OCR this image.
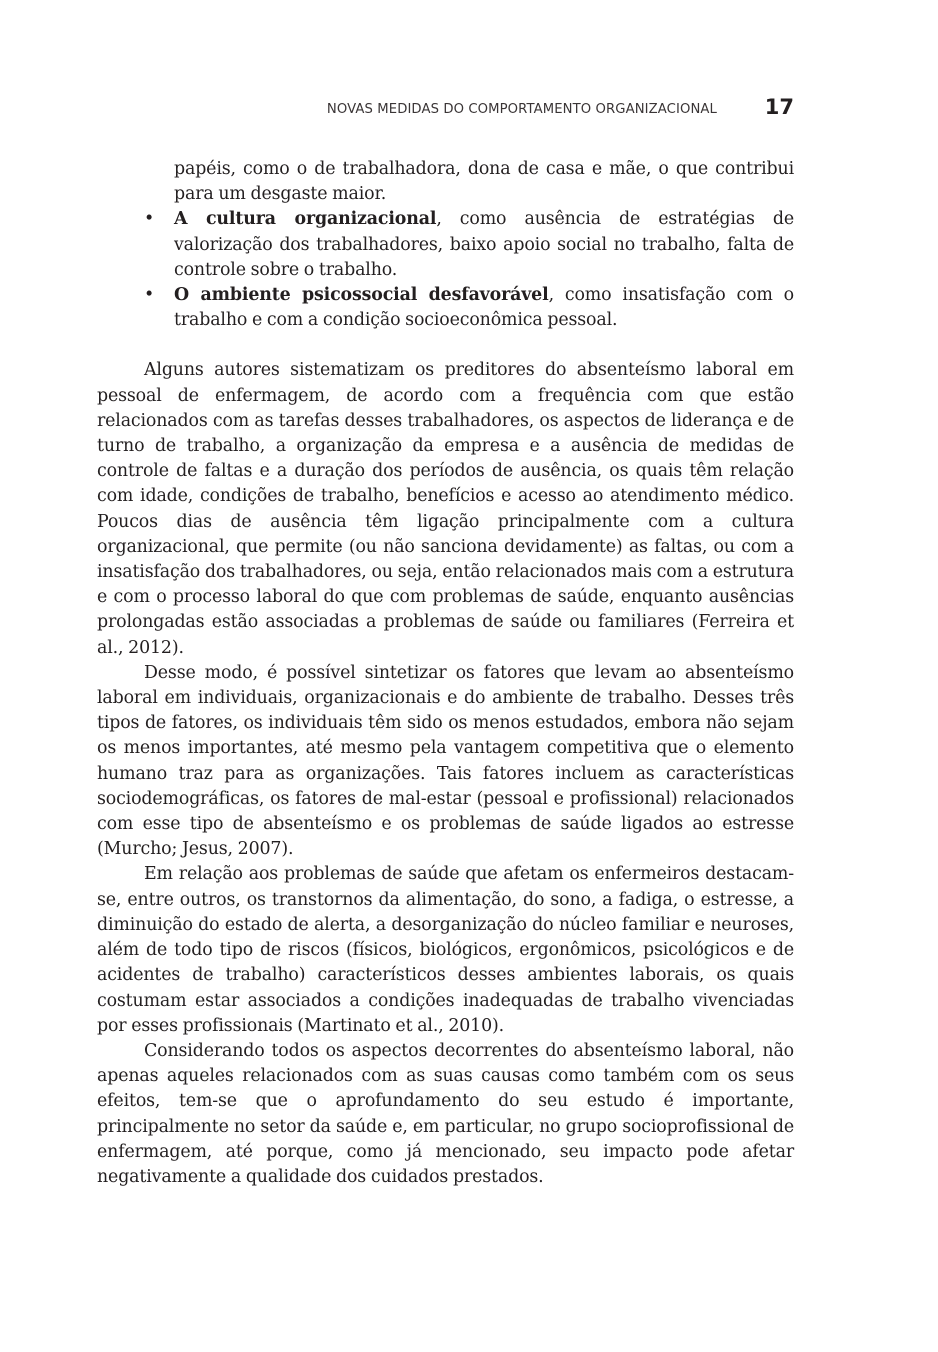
NOVAS MEDIDAS DO COMPORTAMENTO ORGANIZACIONAL 17

papéis, como o de trabalhadora, dona de casa e mãe, o que contribui para um desgaste maior.

• A cultura organizacional, como ausência de estratégias de valorização dos trabalhadores, baixo apoio social no trabalho, falta de controle sobre o trabalho.
• O ambiente psicossocial desfavorável, como insatisfação com o trabalho e com a condição socioeconômica pessoal.

Alguns autores sistematizam os preditores do absenteísmo laboral em pessoal de enfermagem, de acordo com a frequência com que estão relacionados com as tarefas desses trabalhadores, os aspectos de liderança e de turno de trabalho, a organização da empresa e a ausência de medidas de controle de faltas e a duração dos períodos de ausência, os quais têm relação com idade, condições de trabalho, benefícios e acesso ao atendimento médico. Poucos dias de ausência têm ligação principalmente com a cultura organizacional, que permite (ou não sanciona devidamente) as faltas, ou com a insatisfação dos trabalhadores, ou seja, então relacionados mais com a estrutura e com o processo laboral do que com problemas de saúde, enquanto ausências prolongadas estão associadas a problemas de saúde ou familiares (Ferreira et al., 2012).

Desse modo, é possível sintetizar os fatores que levam ao absenteísmo laboral em individuais, organizacionais e do ambiente de trabalho. Desses três tipos de fatores, os individuais têm sido os menos estudados, embora não sejam os menos importantes, até mesmo pela vantagem competitiva que o elemento humano traz para as organizações. Tais fatores incluem as características sociodemográficas, os fatores de mal-estar (pessoal e profissional) relacionados com esse tipo de absenteísmo e os problemas de saúde ligados ao estresse (Murcho; Jesus, 2007).

Em relação aos problemas de saúde que afetam os enfermeiros destacam-se, entre outros, os transtornos da alimentação, do sono, a fadiga, o estresse, a diminuição do estado de alerta, a desorganização do núcleo familiar e neuroses, além de todo tipo de riscos (físicos, biológicos, ergonômicos, psicológicos e de acidentes de trabalho) característicos desses ambientes laborais, os quais costumam estar associados a condições inadequadas de trabalho vivenciadas por esses profissionais (Martinato et al., 2010).

Considerando todos os aspectos decorrentes do absenteísmo laboral, não apenas aqueles relacionados com as suas causas como também com os seus efeitos, tem-se que o aprofundamento do seu estudo é importante, principalmente no setor da saúde e, em particular, no grupo socioprofissional de enfermagem, até porque, como já mencionado, seu impacto pode afetar negativamente a qualidade dos cuidados prestados.
